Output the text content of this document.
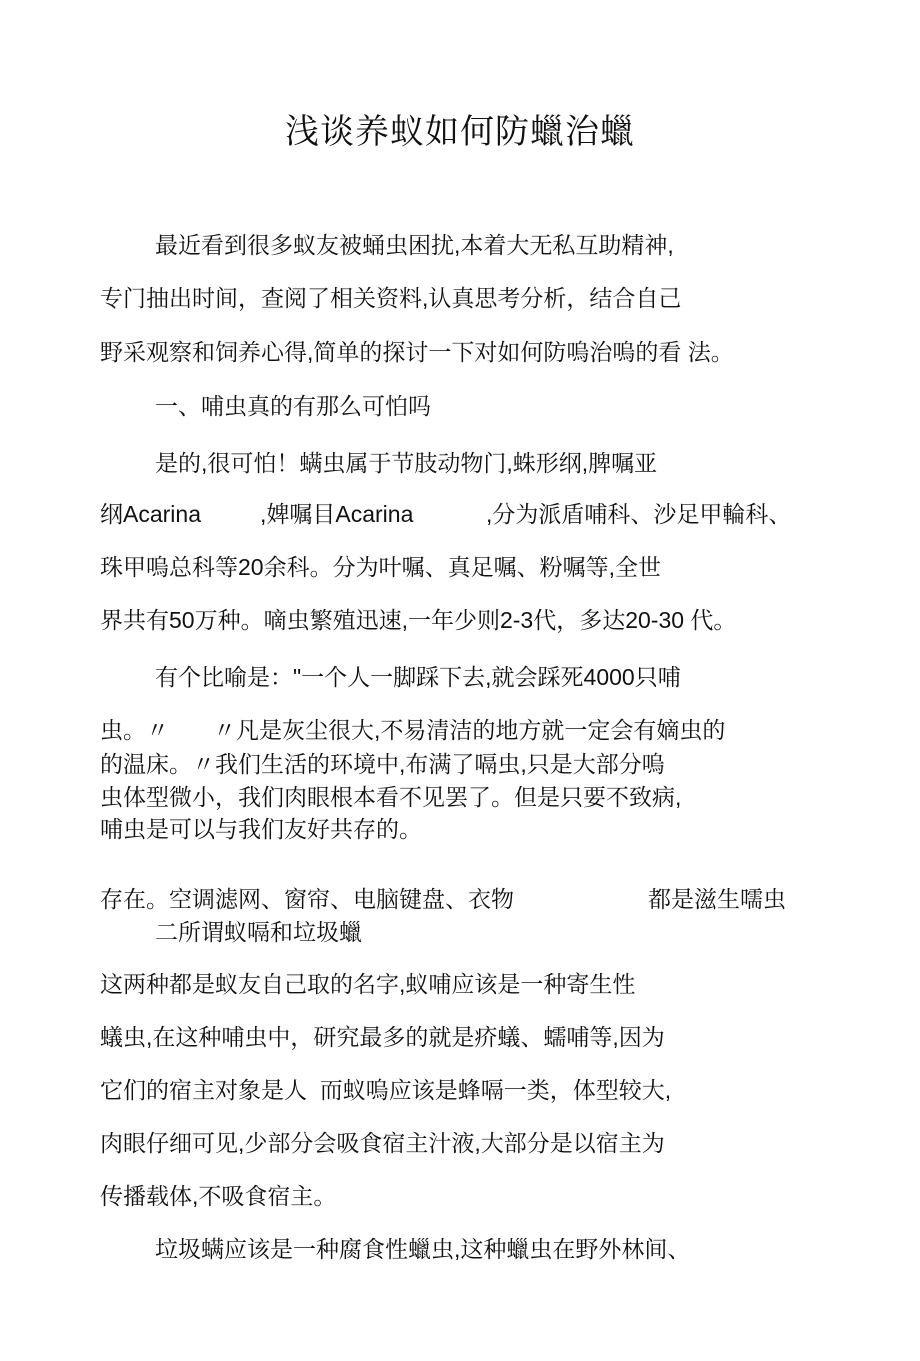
浅谈养蚁如何防蠟治蠟
最近看到很多蚁友被蛹虫困扰,本着大无私互助精神,
专门抽出时间，查阅了相关资料,认真思考分析，结合自己
野采观察和饲养心得,简单的探讨一下对如何防嗚治嗚的看 法。
一、哺虫真的有那么可怕吗
是的,很可怕！螨虫属于节肢动物门,蛛形纲,脾嘱亚
纲Acarina	,婢嘱目Acarina	,分为派盾哺科、沙足甲輪科、
珠甲嗚总科等20余科。分为叶嘱、真足嘱、粉嘱等,全世
界共有50万种。嘀虫繁殖迅速,一年少则2-3代，多达20-30 代。
有个比喻是："一个人一脚踩下去,就会踩死4000只哺
虫。〃 〃凡是灰尘很大,不易清洁的地方就一定会有嫡虫的
的温床。〃我们生活的环境中,布满了嗝虫,只是大部分嗚
虫体型微小，我们肉眼根本看不见罢了。但是只要不致病,
哺虫是可以与我们友好共存的。
存在。空调滤网、窗帘、电脑键盘、衣物	都是滋生嚅虫
二所谓蚁嗝和垃圾蠟
这两种都是蚁友自己取的名字,蚁哺应该是一种寄生性
蟻虫,在这种哺虫中，研究最多的就是疥蟻、蠕哺等,因为
它们的宿主对象是人  而蚁嗚应该是蜂嗝一类，体型较大,
肉眼仔细可见,少部分会吸食宿主汁液,大部分是以宿主为
传播载体,不吸食宿主。
垃圾螨应该是一种腐食性蠟虫,这种蠟虫在野外林间、
